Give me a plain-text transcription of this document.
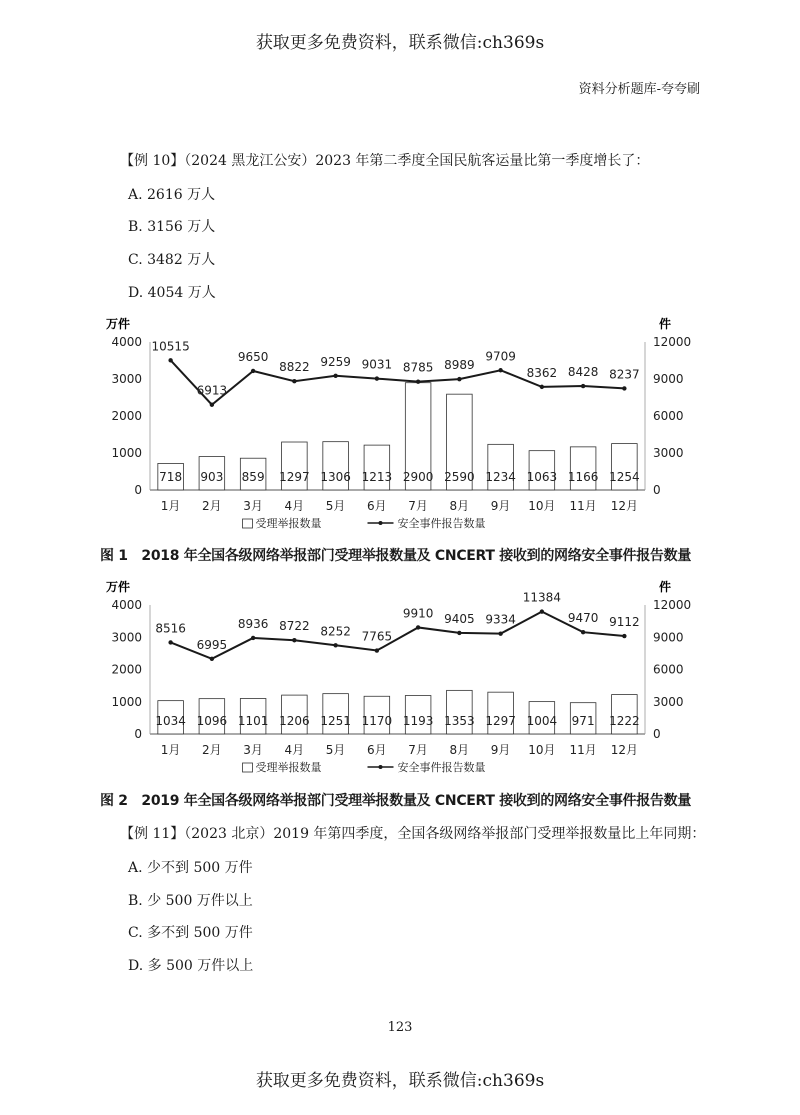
获取更多免费资料，联系微信:ch369s
资料分析题库-夸夸刷
【例 10】（2024 黑龙江公安）2023 年第二季度全国民航客运量比第一季度增长了：
A. 2616 万人
B. 3156 万人
C. 3482 万人
D. 4054 万人
0
1000
2000
3000
4000
0
3000
6000
9000
12000
万件	件
718 903 859 1297 1306 1213 2900 2590 1234 1063 1166 1254
10515
6913
9650
8822 9259 9031 8785 8989
9709
8362 8428 8237
1月 2月 3月 4月 5月 6月 7月 8月 9月 10月 11月 12月
受理举报数量	安全事件报告数量
图 1　2018 年全国各级网络举报部门受理举报数量及 CNCERT 接收到的网络安全事件报告数量
0
1000
2000
3000
4000
0
3000
6000
9000
12000
万件	件
1034 1096 1101 1206 1251 1170 1193 1353 1297 1004 971 1222
8516
6995
8936 8722 8252 7765
9910 9405 9334
11384
9470 9112
1月 2月 3月 4月 5月 6月 7月 8月 9月 10月 11月 12月
受理举报数量	安全事件报告数量
图 2　2019 年全国各级网络举报部门受理举报数量及 CNCERT 接收到的网络安全事件报告数量
【例 11】（2023 北京）2019 年第四季度，全国各级网络举报部门受理举报数量比上年同期：
A. 少不到 500 万件
B. 少 500 万件以上
C. 多不到 500 万件
D. 多 500 万件以上
123
获取更多免费资料，联系微信:ch369s
